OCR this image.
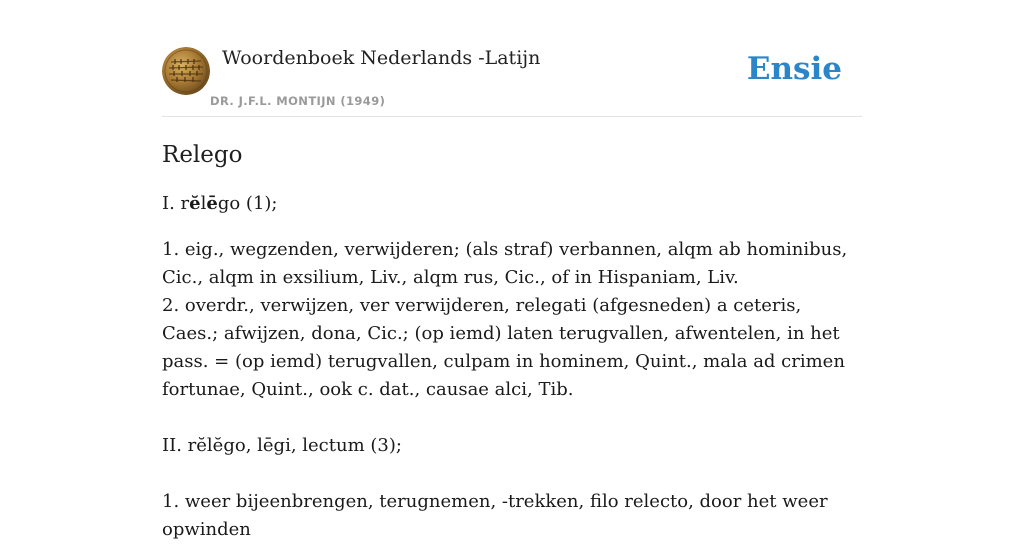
Woordenboek Nederlands -Latijn
DR. J.F.L. MONTIJN (1949)
Ensie
Relego

I. rĕlēgo (1);

1. eig., wegzenden, verwijderen; (als straf) verbannen, alqm ab hominibus, Cic., alqm in exsilium, Liv., alqm rus, Cic., of in Hispaniam, Liv.

2. overdr., verwijzen, ver verwijderen, relegati (afgesneden) a ceteris, Caes.; afwijzen, dona, Cic.; (op iemd) laten terugvallen, afwentelen, in het pass. = (op iemd) terugvallen, culpam in hominem, Quint., mala ad crimen fortunae, Quint., ook c. dat., causae alci, Tib.

II. rĕlĕgo, lēgi, lectum (3);

1. weer bijeenbrengen, terugnemen, -trekken, filo relecto, door het weer opwinden
